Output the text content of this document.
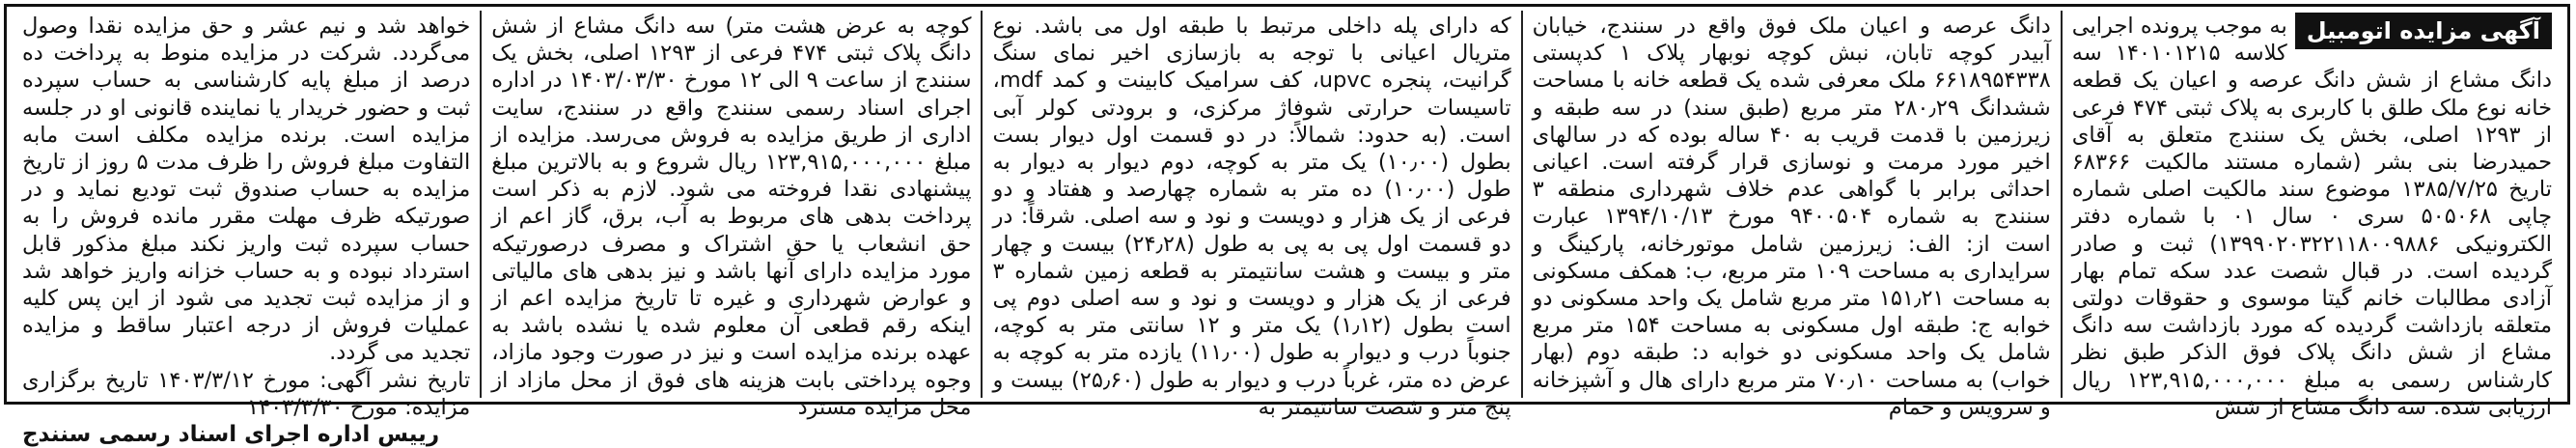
آگهی مزایده اتومبیل

به موجب پرونده اجرایی کلاسه ۱۴۰۱۰۱۲۱۵ سه دانگ مشاع از شش دانگ عرصه و اعیان یک قطعه خانه نوع ملک طلق با کاربری به پلاک ثبتی ۴۷۴ فرعی از ۱۲۹۳ اصلی، بخش یک سنندج متعلق به آقای حمیدرضا بنی بشر (شماره مستند مالکیت ۶۸۳۶۶ تاریخ ۱۳۸۵/۷/۲۵ موضوع سند مالکیت اصلی شماره چاپی ۵۰۵۰۶۸ سری ۰ سال ۰۱ با شماره دفتر الکترونیکی ۱۳۹۹۰۲۰۳۲۲۱۱۸۰۰۹۸۸۶) ثبت و صادر گردیده است. در قبال شصت عدد سکه تمام بهار آزادی مطالبات خانم گیتا موسوی و حقوقات دولتی متعلقه بازداشت گردیده که مورد بازداشت سه دانگ مشاع از شش دانگ پلاک فوق الذکر طبق نظر کارشناس رسمی به مبلغ ۱۲۳,۹۱۵,۰۰۰,۰۰۰ ریال ارزیابی شده. سه دانگ مشاع از شش

دانگ عرصه و اعیان ملک فوق واقع در سنندج، خیابان آبیدر کوچه تابان، نبش کوچه نوبهار پلاک ۱ کدپستی ۶۶۱۸۹۵۴۳۳۸ ملک معرفی شده یک قطعه خانه با مساحت ششدانگ ۲۸۰٫۲۹ متر مربع (طبق سند) در سه طبقه و زیرزمین با قدمت قریب به ۴۰ ساله بوده که در سالهای اخیر مورد مرمت و نوسازی قرار گرفته است. اعیانی احداثی برابر با گواهی عدم خلاف شهرداری منطقه ۳ سنندج به شماره ۹۴۰۰۵۰۴ مورخ ۱۳۹۴/۱۰/۱۳ عبارت است از: الف: زیرزمین شامل موتورخانه، پارکینگ و سرایداری به مساحت ۱۰۹ متر مربع، ب: همکف مسکونی به مساحت ۱۵۱٫۲۱ متر مربع شامل یک واحد مسکونی دو خوابه ج: طبقه اول مسکونی به مساحت ۱۵۴ متر مربع شامل یک واحد مسکونی دو خوابه د: طبقه دوم (بهار خواب) به مساحت ۷۰٫۱۰ متر مربع دارای هال و آشپزخانه و سرویس و حمام

که دارای پله داخلی مرتبط با طبقه اول می باشد. نوع متریال اعیانی با توجه به بازسازی اخیر نمای سنگ گرانیت، پنجره upvc، کف سرامیک کابینت و کمد mdf، تاسیسات حرارتی شوفاژ مرکزی، و برودتی کولر آبی است. (به حدود: شمالاً: در دو قسمت اول دیوار بست بطول (۱۰٫۰۰) یک متر به کوچه، دوم دیوار به دیوار به طول (۱۰٫۰۰) ده متر به شماره چهارصد و هفتاد و دو فرعی از یک هزار و دویست و نود و سه اصلی. شرقاً: در دو قسمت اول پی به پی به طول (۲۴٫۲۸) بیست و چهار متر و بیست و هشت سانتیمتر به قطعه زمین شماره ۳ فرعی از یک هزار و دویست و نود و سه اصلی دوم پی است بطول (۱٫۱۲) یک متر و ۱۲ سانتی متر به کوچه، جنوباً درب و دیوار به طول (۱۱٫۰۰) یازده متر به کوچه به عرض ده متر، غرباً درب و دیوار به طول (۲۵٫۶۰) بیست و پنج متر و شصت سانتیمتر به

کوچه به عرض هشت متر) سه دانگ مشاع از شش دانگ پلاک ثبتی ۴۷۴ فرعی از ۱۲۹۳ اصلی، بخش یک سنندج از ساعت ۹ الی ۱۲ مورخ ۱۴۰۳/۰۳/۳۰ در اداره اجرای اسناد رسمی سنندج واقع در سنندج، سایت اداری از طریق مزایده به فروش می‌رسد. مزایده از مبلغ ۱۲۳,۹۱۵,۰۰۰,۰۰۰ ریال شروع و به بالاترین مبلغ پیشنهادی نقدا فروخته می شود. لازم به ذکر است پرداخت بدهی های مربوط به آب، برق، گاز اعم از حق انشعاب یا حق اشتراک و مصرف درصورتیکه مورد مزایده دارای آنها باشد و نیز بدهی های مالیاتی و عوارض شهرداری و غیره تا تاریخ مزایده اعم از اینکه رقم قطعی آن معلوم شده یا نشده باشد به عهده برنده مزایده است و نیز در صورت وجود مازاد، وجوه پرداختی بابت هزینه های فوق از محل مازاد از محل مزایده مسترد

خواهد شد و نیم عشر و حق مزایده نقدا وصول می‌گردد. شرکت در مزایده منوط به پرداخت ده درصد از مبلغ پایه کارشناسی به حساب سپرده ثبت و حضور خریدار یا نماینده قانونی او در جلسه مزایده است. برنده مزایده مکلف است مابه التفاوت مبلغ فروش را ظرف مدت ۵ روز از تاریخ مزایده به حساب صندوق ثبت تودیع نماید و در صورتیکه ظرف مهلت مقرر مانده فروش را به حساب سپرده ثبت واریز نکند مبلغ مذکور قابل استرداد نبوده و به حساب خزانه واریز خواهد شد و از مزایده ثبت تجدید می شود از این پس کلیه عملیات فروش از درجه اعتبار ساقط و مزایده تجدید می گردد.

تاریخ نشر آگهی: مورخ ۱۴۰۳/۳/۱۲ تاریخ برگزاری مزایده: مورخ ۱۴۰۳/۳/۳۰

رییس اداره اجرای اسناد رسمی سنندج
